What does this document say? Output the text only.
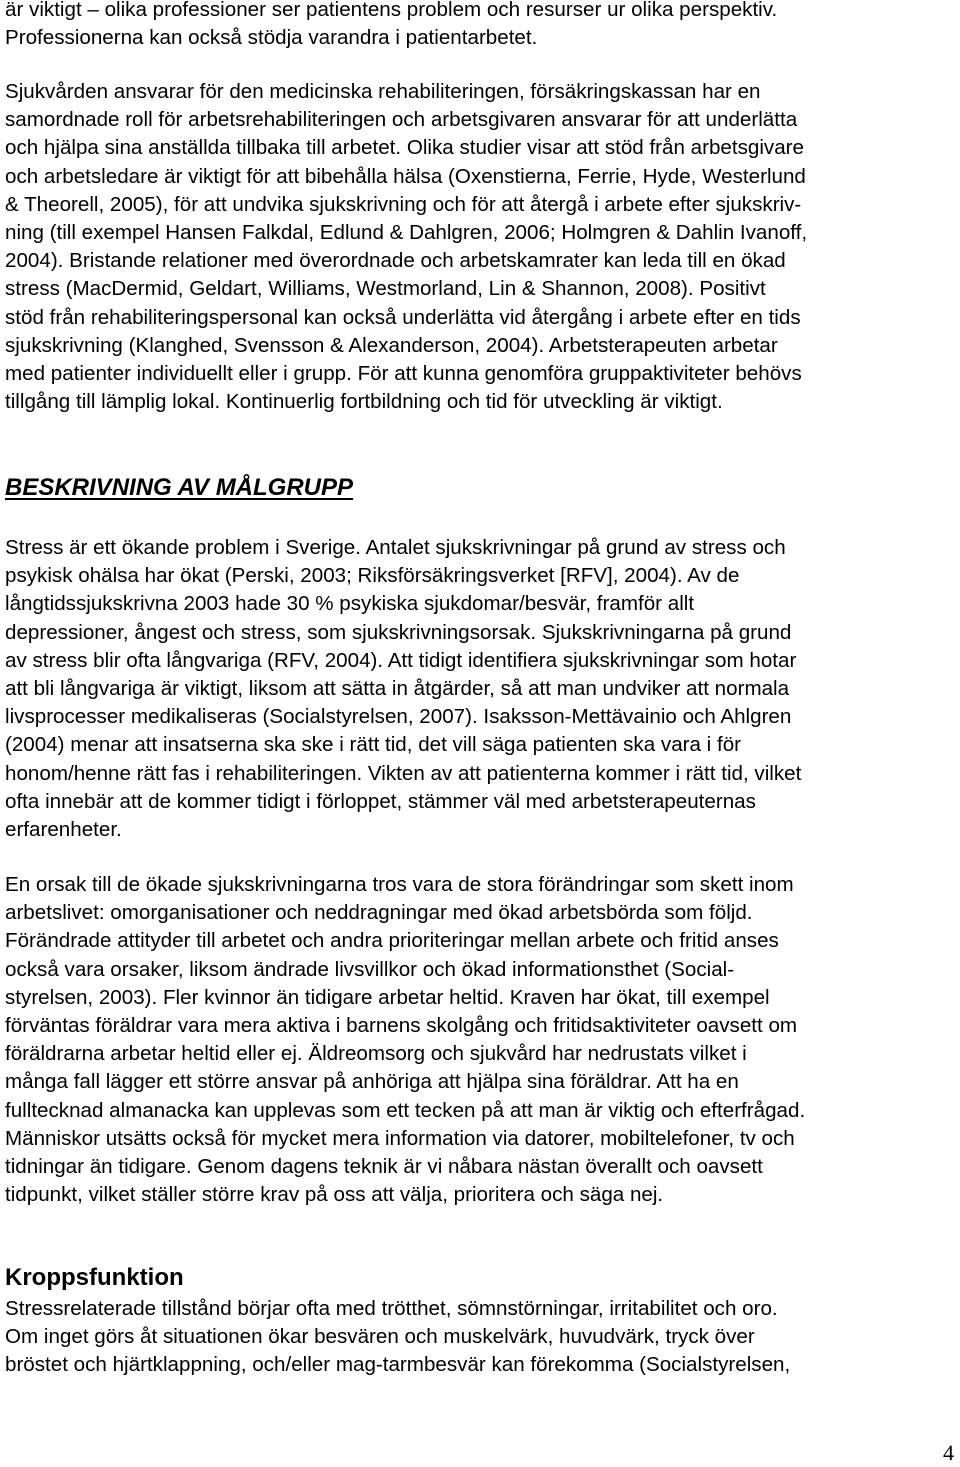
är viktigt – olika professioner ser patientens problem och resurser ur olika perspektiv.
Professionerna kan också stödja varandra i patientarbetet.

Sjukvården ansvarar för den medicinska rehabiliteringen, försäkringskassan har en
samordnade roll för arbetsrehabiliteringen och arbetsgivaren ansvarar för att underlätta
och hjälpa sina anställda tillbaka till arbetet. Olika studier visar att stöd från arbetsgivare
och arbetsledare är viktigt för att bibehålla hälsa (Oxenstierna, Ferrie, Hyde, Westerlund
& Theorell, 2005), för att undvika sjukskrivning och för att återgå i arbete efter sjukskriv-
ning (till exempel Hansen Falkdal, Edlund & Dahlgren, 2006; Holmgren & Dahlin Ivanoff,
2004). Bristande relationer med överordnade och arbetskamrater kan leda till en ökad
stress (MacDermid, Geldart, Williams, Westmorland, Lin & Shannon, 2008). Positivt
stöd från rehabiliteringspersonal kan också underlätta vid återgång i arbete efter en tids
sjukskrivning (Klanghed, Svensson & Alexanderson, 2004). Arbetsterapeuten arbetar
med patienter individuellt eller i grupp. För att kunna genomföra gruppaktiviteter behövs
tillgång till lämplig lokal. Kontinuerlig fortbildning och tid för utveckling är viktigt.

BESKRIVNING AV MÅLGRUPP

Stress är ett ökande problem i Sverige. Antalet sjukskrivningar på grund av stress och
psykisk ohälsa har ökat (Perski, 2003; Riksförsäkringsverket [RFV], 2004). Av de
långtidssjukskrivna 2003 hade 30 % psykiska sjukdomar/besvär, framför allt
depressioner, ångest och stress, som sjukskrivningsorsak. Sjukskrivningarna på grund
av stress blir ofta långvariga (RFV, 2004). Att tidigt identifiera sjukskrivningar som hotar
att bli långvariga är viktigt, liksom att sätta in åtgärder, så att man undviker att normala
livsprocesser medikaliseras (Socialstyrelsen, 2007). Isaksson-Mettävainio och Ahlgren
(2004) menar att insatserna ska ske i rätt tid, det vill säga patienten ska vara i för
honom/henne rätt fas i rehabiliteringen. Vikten av att patienterna kommer i rätt tid, vilket
ofta innebär att de kommer tidigt i förloppet, stämmer väl med arbetsterapeuternas
erfarenheter.

En orsak till de ökade sjukskrivningarna tros vara de stora förändringar som skett inom
arbetslivet: omorganisationer och neddragningar med ökad arbetsbörda som följd.
Förändrade attityder till arbetet och andra prioriteringar mellan arbete och fritid anses
också vara orsaker, liksom ändrade livsvillkor och ökad informationsthet (Social-
styrelsen, 2003). Fler kvinnor än tidigare arbetar heltid. Kraven har ökat, till exempel
förväntas föräldrar vara mera aktiva i barnens skolgång och fritidsaktiviteter oavsett om
föräldrarna arbetar heltid eller ej. Äldreomsorg och sjukvård har nedrustats vilket i
många fall lägger ett större ansvar på anhöriga att hjälpa sina föräldrar. Att ha en
fulltecknad almanacka kan upplevas som ett tecken på att man är viktig och efterfrågad.
Människor utsätts också för mycket mera information via datorer, mobiltelefoner, tv och
tidningar än tidigare. Genom dagens teknik är vi nåbara nästan överallt och oavsett
tidpunkt, vilket ställer större krav på oss att välja, prioritera och säga nej.

Kroppsfunktion

Stressrelaterade tillstånd börjar ofta med trötthet, sömnstörningar, irritabilitet och oro.
Om inget görs åt situationen ökar besvären och muskelvärk, huvudvärk, tryck över
bröstet och hjärtklappning, och/eller mag-tarmbesvär kan förekomma (Socialstyrelsen,

4
